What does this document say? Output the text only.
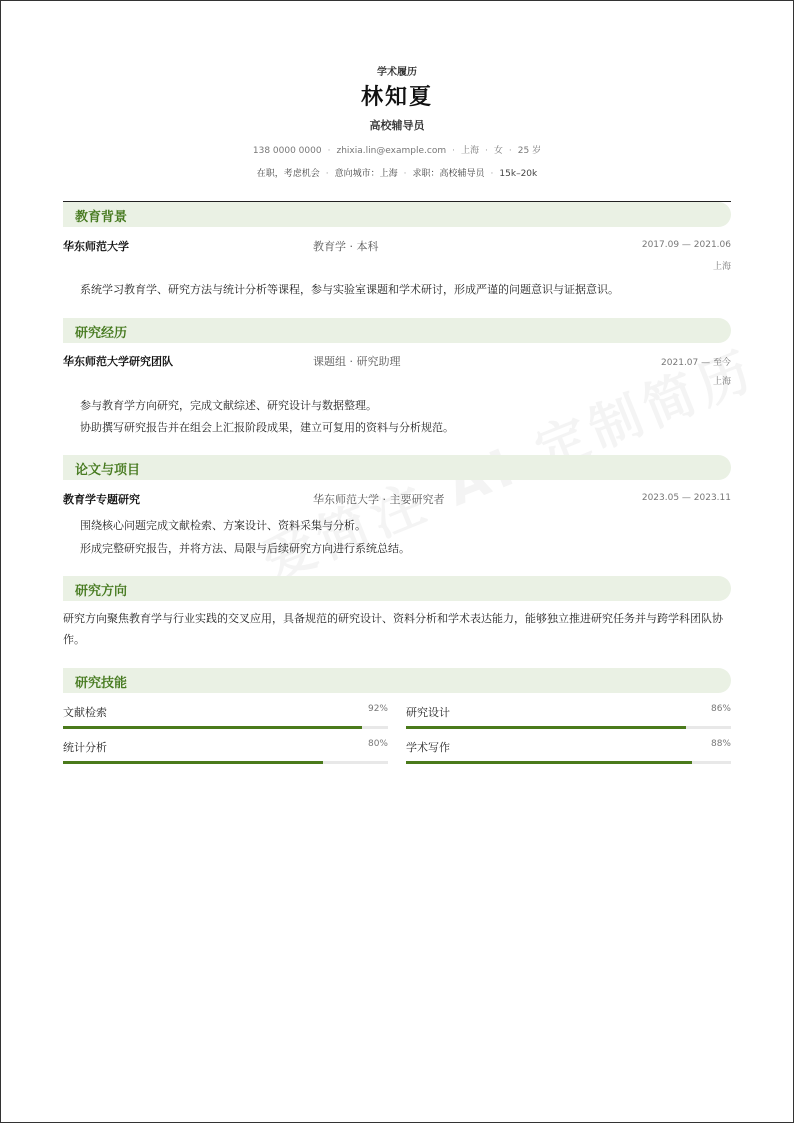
学术履历
林知夏
高校辅导员
138 0000 0000 · zhixia.lin@example.com · 上海 · 女 · 25 岁
在职，考虑机会 · 意向城市：上海 · 求职：高校辅导员 · 15k–20k
教育背景
华东师范大学	教育学 · 本科	2017.09 — 2021.06
上海
系统学习教育学、研究方法与统计分析等课程，参与实验室课题和学术研讨，形成严谨的问题意识与证据意识。
研究经历
华东师范大学研究团队	课题组 · 研究助理	2021.07 — 至今
上海
参与教育学方向研究，完成文献综述、研究设计与数据整理。
协助撰写研究报告并在组会上汇报阶段成果，建立可复用的资料与分析规范。
论文与项目
教育学专题研究	华东师范大学 · 主要研究者	2023.05 — 2023.11
围绕核心问题完成文献检索、方案设计、资料采集与分析。
形成完整研究报告，并将方法、局限与后续研究方向进行系统总结。
研究方向
研究方向聚焦教育学与行业实践的交叉应用，具备规范的研究设计、资料分析和学术表达能力，能够独立推进研究任务并与跨学科团队协作。
研究技能
文献检索	92% 研究设计	86%
统计分析	80% 学术写作	88%
